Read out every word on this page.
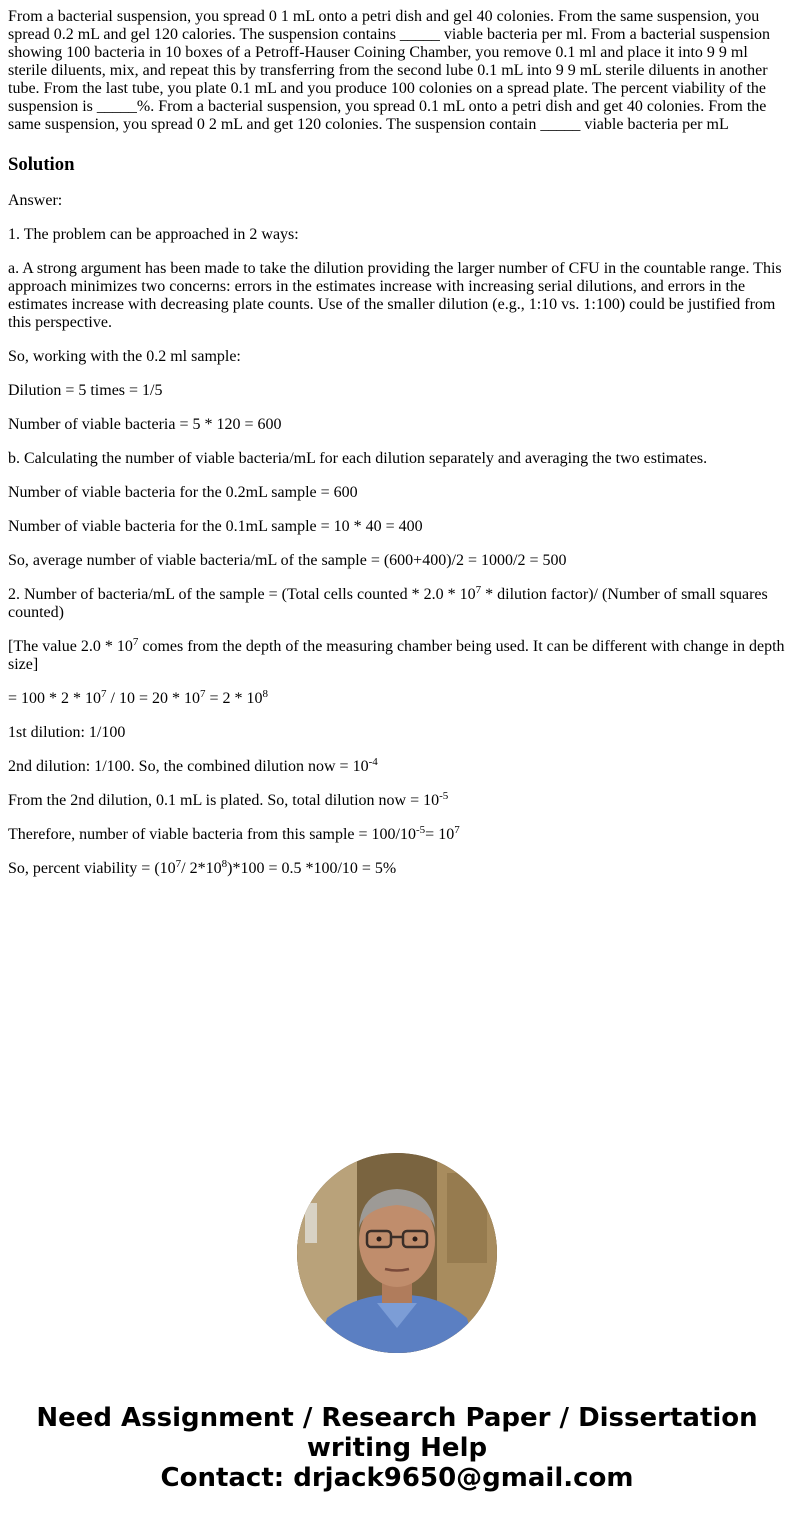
From a bacterial suspension, you spread 0 1 mL onto a petri dish and gel 40 colonies. From the same suspension, you spread 0.2 mL and gel 120 calories. The suspension contains _____ viable bacteria per ml. From a bacterial suspension showing 100 bacteria in 10 boxes of a Petroff-Hauser Coining Chamber, you remove 0.1 ml and place it into 9 9 ml sterile diluents, mix, and repeat this by transferring from the second lube 0.1 mL into 9 9 mL sterile diluents in another tube. From the last tube, you plate 0.1 mL and you produce 100 colonies on a spread plate. The percent viability of the suspension is _____%. From a bacterial suspension, you spread 0.1 mL onto a petri dish and get 40 colonies. From the same suspension, you spread 0 2 mL and get 120 colonies. The suspension contain _____ viable bacteria per mL
Solution
Answer:
1. The problem can be approached in 2 ways:
a. A strong argument has been made to take the dilution providing the larger number of CFU in the countable range. This approach minimizes two concerns: errors in the estimates increase with increasing serial dilutions, and errors in the estimates increase with decreasing plate counts. Use of the smaller dilution (e.g., 1:10 vs. 1:100) could be justified from this perspective.
So, working with the 0.2 ml sample:
Dilution = 5 times = 1/5
Number of viable bacteria = 5 * 120 = 600
b. Calculating the number of viable bacteria/mL for each dilution separately and averaging the two estimates.
Number of viable bacteria for the 0.2mL sample = 600
Number of viable bacteria for the 0.1mL sample = 10 * 40 = 400
So, average number of viable bacteria/mL of the sample = (600+400)/2 = 1000/2 = 500
2. Number of bacteria/mL of the sample = (Total cells counted * $2.0 * 10^7$ * dilution factor)/ (Number of small squares counted)
[The value $2.0 * 10^7$ comes from the depth of the measuring chamber being used. It can be different with change in depth size]
= $100 * 2 * 10^7 / 10 = 20 * 10^7 = 2 * 10^8$
1st dilution: 1/100
2nd dilution: 1/100. So, the combined dilution now = $10^{-4}$
From the 2nd dilution, 0.1 mL is plated. So, total dilution now = $10^{-5}$
Therefore, number of viable bacteria from this sample = $100/10^{-5}= 10^7$
So, percent viability = ($10^7/$ $2*10^8)*100 = 0.5$ *100/10 = 5%
Need Assignment / Research Paper / Dissertation
writing Help
Contact: drjack9650@gmail.com
